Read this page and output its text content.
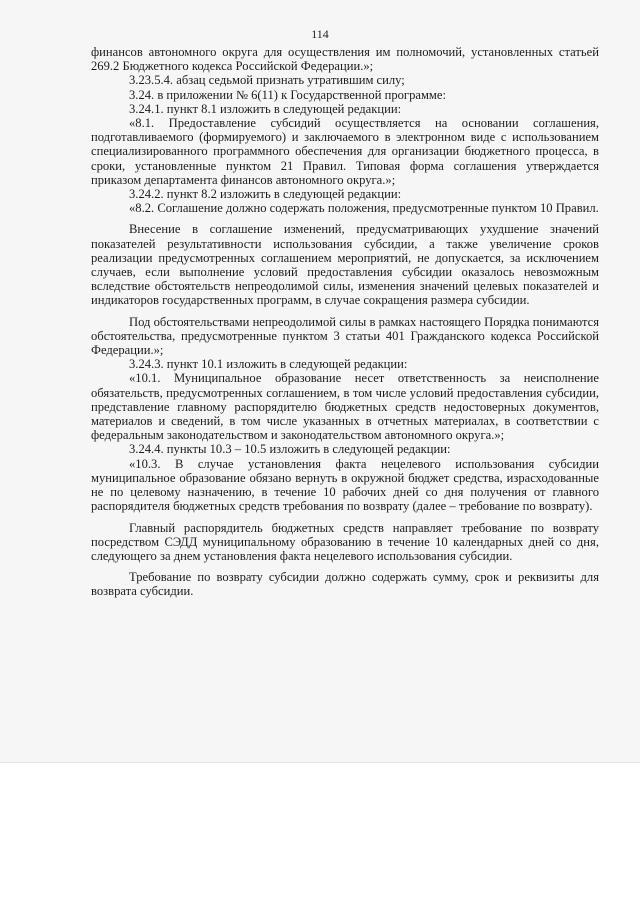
114

финансов автономного округа для осуществления им полномочий, установленных статьей 269.2 Бюджетного кодекса Российской Федерации.»;

3.23.5.4. абзац седьмой признать утратившим силу;

3.24. в приложении № 6(11) к Государственной программе:

3.24.1. пункт 8.1 изложить в следующей редакции:

«8.1. Предоставление субсидий осуществляется на основании соглашения, подготавливаемого (формируемого) и заключаемого в электронном виде с использованием специализированного программного обеспечения для организации бюджетного процесса, в сроки, установленные пунктом 21 Правил. Типовая форма соглашения утверждается приказом департамента финансов автономного округа.»;

3.24.2. пункт 8.2 изложить в следующей редакции:

«8.2. Соглашение должно содержать положения, предусмотренные пунктом 10 Правил.

Внесение в соглашение изменений, предусматривающих ухудшение значений показателей результативности использования субсидии, а также увеличение сроков реализации предусмотренных соглашением мероприятий, не допускается, за исключением случаев, если выполнение условий предоставления субсидии оказалось невозможным вследствие обстоятельств непреодолимой силы, изменения значений целевых показателей и индикаторов государственных программ, в случае сокращения размера субсидии.

Под обстоятельствами непреодолимой силы в рамках настоящего Порядка понимаются обстоятельства, предусмотренные пунктом 3 статьи 401 Гражданского кодекса Российской Федерации.»;

3.24.3. пункт 10.1 изложить в следующей редакции:

«10.1. Муниципальное образование несет ответственность за неисполнение обязательств, предусмотренных соглашением, в том числе условий предоставления субсидии, представление главному распорядителю бюджетных средств недостоверных документов, материалов и сведений, в том числе указанных в отчетных материалах, в соответствии с федеральным законодательством и законодательством автономного округа.»;

3.24.4. пункты 10.3 – 10.5 изложить в следующей редакции:

«10.3. В случае установления факта нецелевого использования субсидии муниципальное образование обязано вернуть в окружной бюджет средства, израсходованные не по целевому назначению, в течение 10 рабочих дней со дня получения от главного распорядителя бюджетных средств требования по возврату (далее – требование по возврату).

Главный распорядитель бюджетных средств направляет требование по возврату посредством СЭДД муниципальному образованию в течение 10 календарных дней со дня, следующего за днем установления факта нецелевого использования субсидии.

Требование по возврату субсидии должно содержать сумму, срок и реквизиты для возврата субсидии.
